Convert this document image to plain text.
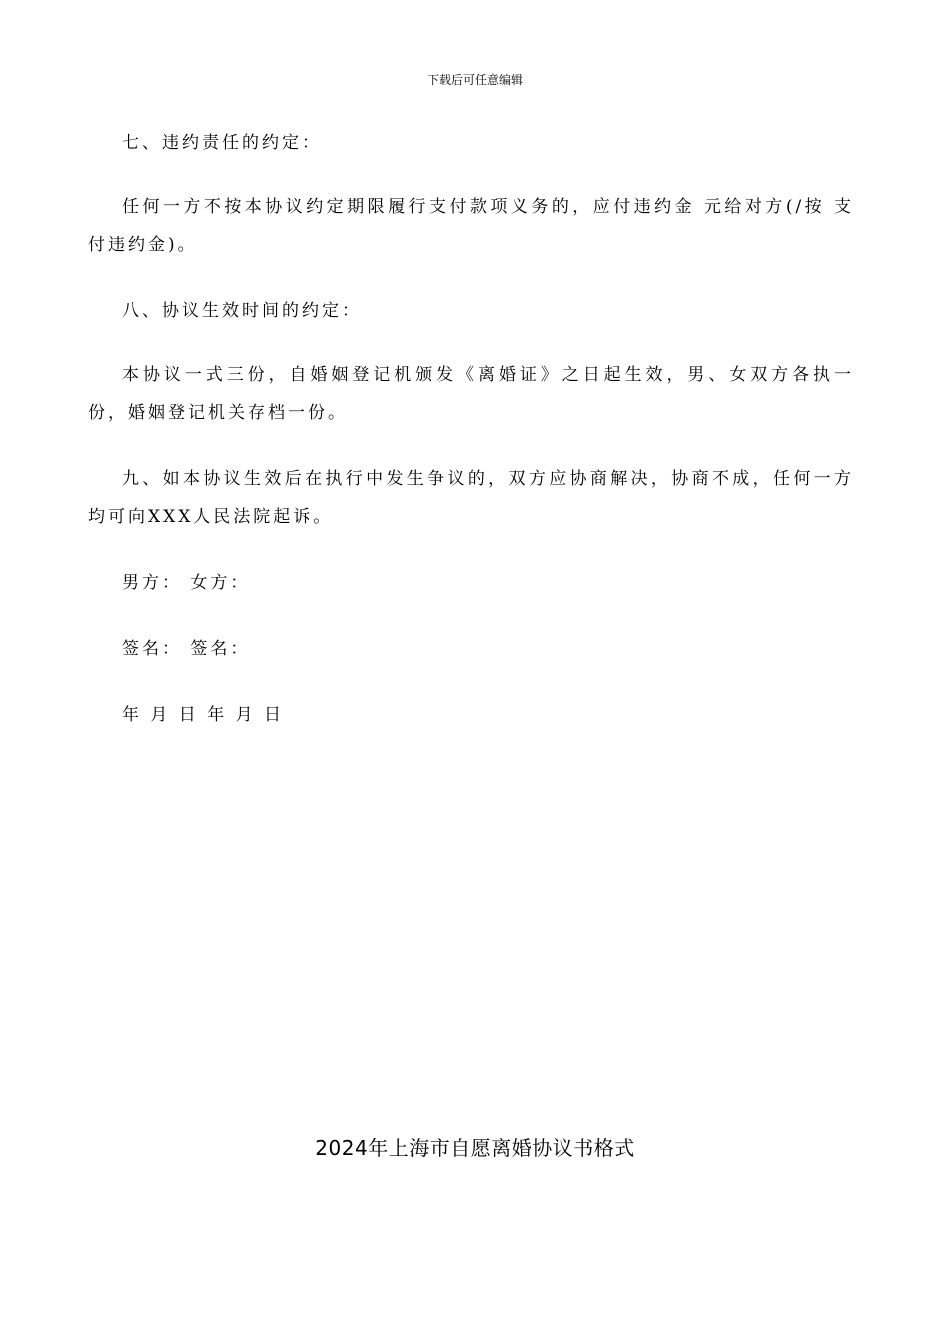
下载后可任意编辑

七、违约责任的约定：

任何一方不按本协议约定期限履行支付款项义务的，应付违约金 元给对方(/按 支付违约金)。

八、协议生效时间的约定：

本协议一式三份，自婚姻登记机颁发《离婚证》之日起生效，男、女双方各执一份，婚姻登记机关存档一份。

九、如本协议生效后在执行中发生争议的，双方应协商解决，协商不成，任何一方均可向XXX人民法院起诉。

男方： 女方：

签名： 签名：

年 月 日 年 月 日

2024年上海市自愿离婚协议书格式
